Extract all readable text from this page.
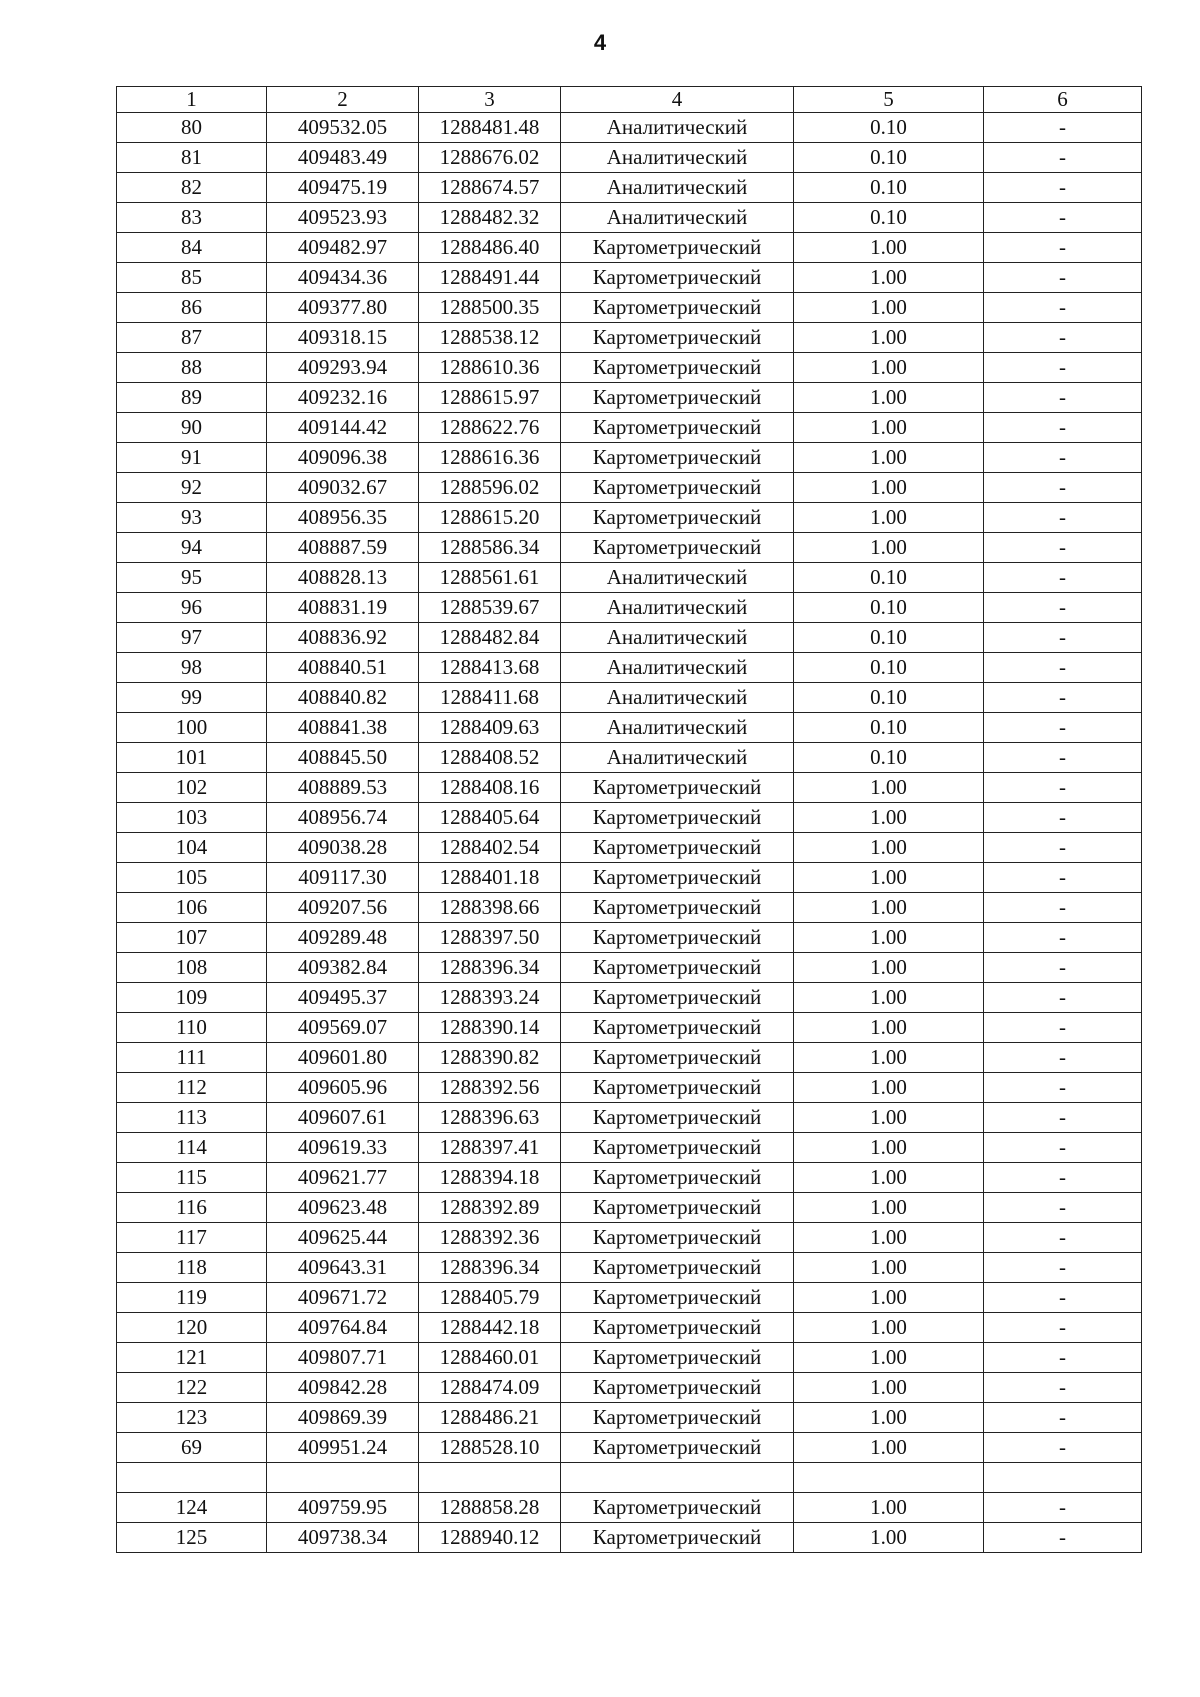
4
1	2	3	4	5	6
80	409532.05	1288481.48	Аналитический	0.10	-
81	409483.49	1288676.02	Аналитический	0.10	-
82	409475.19	1288674.57	Аналитический	0.10	-
83	409523.93	1288482.32	Аналитический	0.10	-
84	409482.97	1288486.40	Картометрический	1.00	-
85	409434.36	1288491.44	Картометрический	1.00	-
86	409377.80	1288500.35	Картометрический	1.00	-
87	409318.15	1288538.12	Картометрический	1.00	-
88	409293.94	1288610.36	Картометрический	1.00	-
89	409232.16	1288615.97	Картометрический	1.00	-
90	409144.42	1288622.76	Картометрический	1.00	-
91	409096.38	1288616.36	Картометрический	1.00	-
92	409032.67	1288596.02	Картометрический	1.00	-
93	408956.35	1288615.20	Картометрический	1.00	-
94	408887.59	1288586.34	Картометрический	1.00	-
95	408828.13	1288561.61	Аналитический	0.10	-
96	408831.19	1288539.67	Аналитический	0.10	-
97	408836.92	1288482.84	Аналитический	0.10	-
98	408840.51	1288413.68	Аналитический	0.10	-
99	408840.82	1288411.68	Аналитический	0.10	-
100	408841.38	1288409.63	Аналитический	0.10	-
101	408845.50	1288408.52	Аналитический	0.10	-
102	408889.53	1288408.16	Картометрический	1.00	-
103	408956.74	1288405.64	Картометрический	1.00	-
104	409038.28	1288402.54	Картометрический	1.00	-
105	409117.30	1288401.18	Картометрический	1.00	-
106	409207.56	1288398.66	Картометрический	1.00	-
107	409289.48	1288397.50	Картометрический	1.00	-
108	409382.84	1288396.34	Картометрический	1.00	-
109	409495.37	1288393.24	Картометрический	1.00	-
110	409569.07	1288390.14	Картометрический	1.00	-
111	409601.80	1288390.82	Картометрический	1.00	-
112	409605.96	1288392.56	Картометрический	1.00	-
113	409607.61	1288396.63	Картометрический	1.00	-
114	409619.33	1288397.41	Картометрический	1.00	-
115	409621.77	1288394.18	Картометрический	1.00	-
116	409623.48	1288392.89	Картометрический	1.00	-
117	409625.44	1288392.36	Картометрический	1.00	-
118	409643.31	1288396.34	Картометрический	1.00	-
119	409671.72	1288405.79	Картометрический	1.00	-
120	409764.84	1288442.18	Картометрический	1.00	-
121	409807.71	1288460.01	Картометрический	1.00	-
122	409842.28	1288474.09	Картометрический	1.00	-
123	409869.39	1288486.21	Картометрический	1.00	-
69	409951.24	1288528.10	Картометрический	1.00	-

124	409759.95	1288858.28	Картометрический	1.00	-
125	409738.34	1288940.12	Картометрический	1.00	-
